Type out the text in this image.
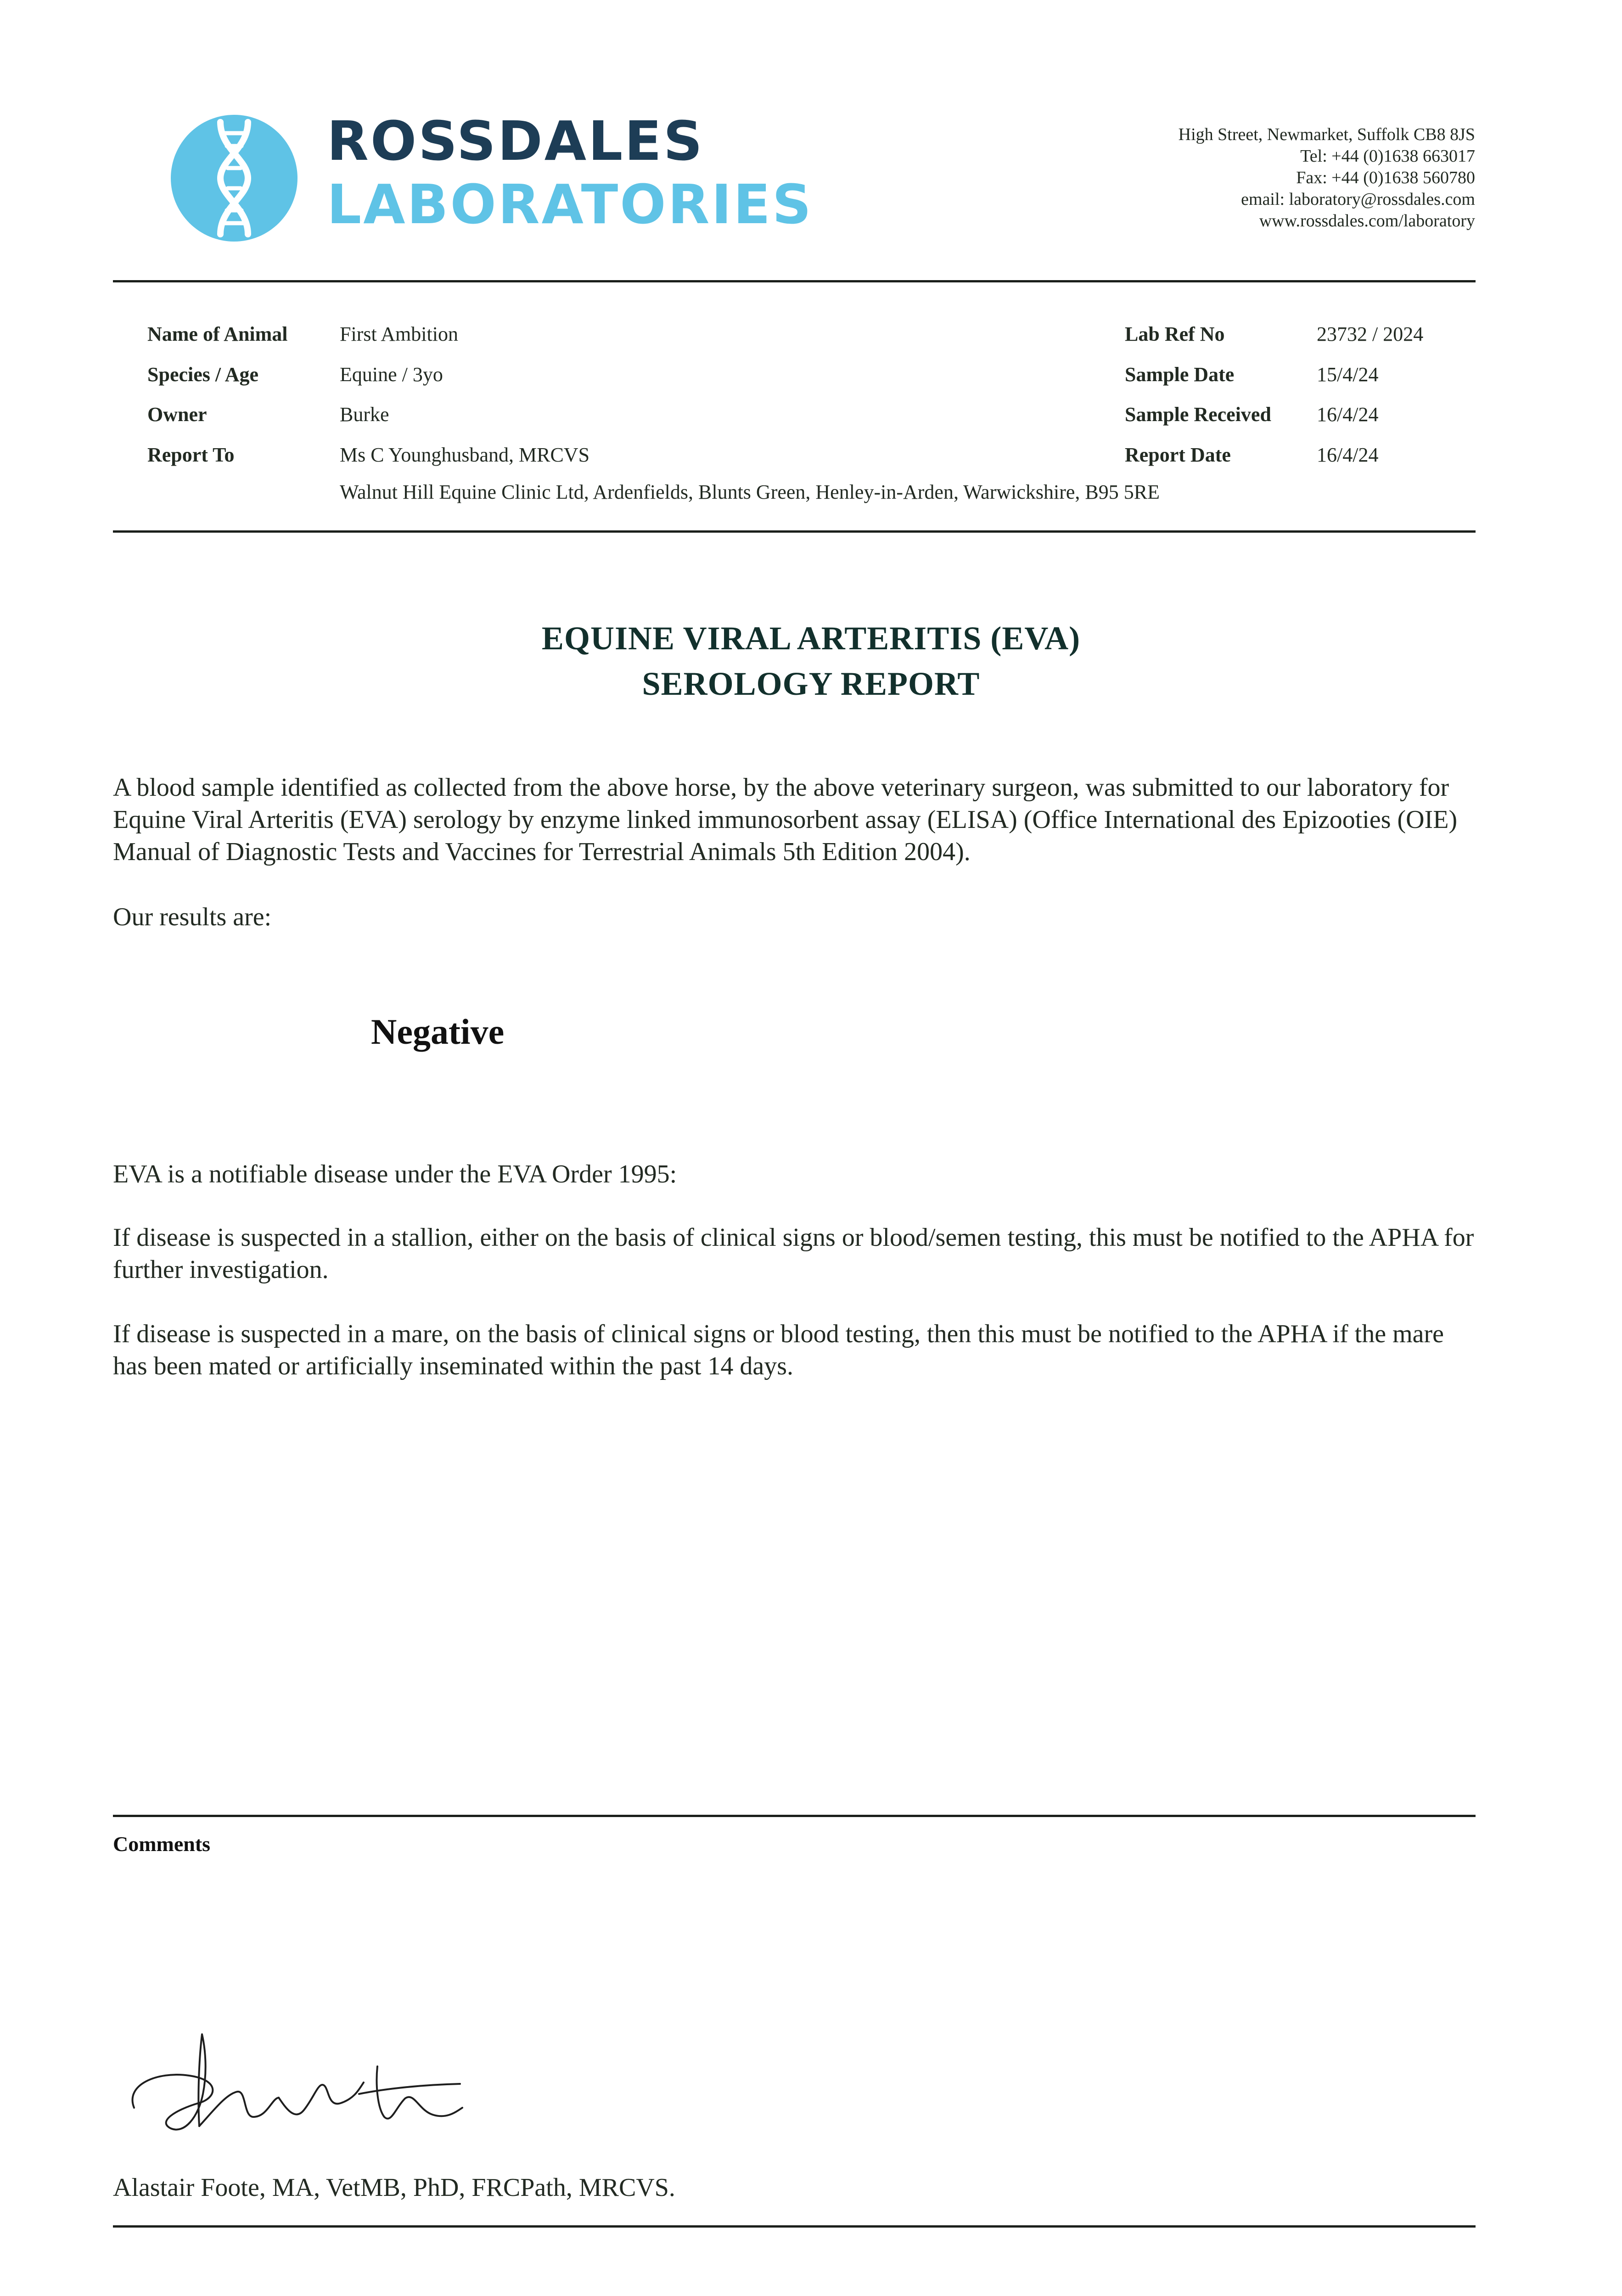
ROSSDALES
LABORATORIES
High Street, Newmarket, Suffolk CB8 8JS
Tel: +44 (0)1638 663017
Fax: +44 (0)1638 560780
email: laboratory@rossdales.com
www.rossdales.com/laboratory
Name of Animal	First Ambition
Species / Age	Equine / 3yo
Owner	Burke
Report To	Ms C Younghusband, MRCVS
Walnut Hill Equine Clinic Ltd, Ardenfields, Blunts Green, Henley-in-Arden, Warwickshire, B95 5RE
Lab Ref No	23732 / 2024
Sample Date	15/4/24
Sample Received 16/4/24
Report Date	16/4/24
EQUINE VIRAL ARTERITIS (EVA)
SEROLOGY REPORT
A blood sample identified as collected from the above horse, by the above veterinary surgeon, was submitted to our laboratory for Equine Viral Arteritis (EVA) serology by enzyme linked immunosorbent assay (ELISA) (Office International des Epizooties (OIE) Manual of Diagnostic Tests and Vaccines for Terrestrial Animals 5th Edition 2004).
Our results are:
Negative
EVA is a notifiable disease under the EVA Order 1995:
If disease is suspected in a stallion, either on the basis of clinical signs or blood/semen testing, this must be notified to the APHA for further investigation.
If disease is suspected in a mare, on the basis of clinical signs or blood testing, then this must be notified to the APHA if the mare has been mated or artificially inseminated within the past 14 days.
Comments
Alastair Foote, MA, VetMB, PhD, FRCPath, MRCVS.
